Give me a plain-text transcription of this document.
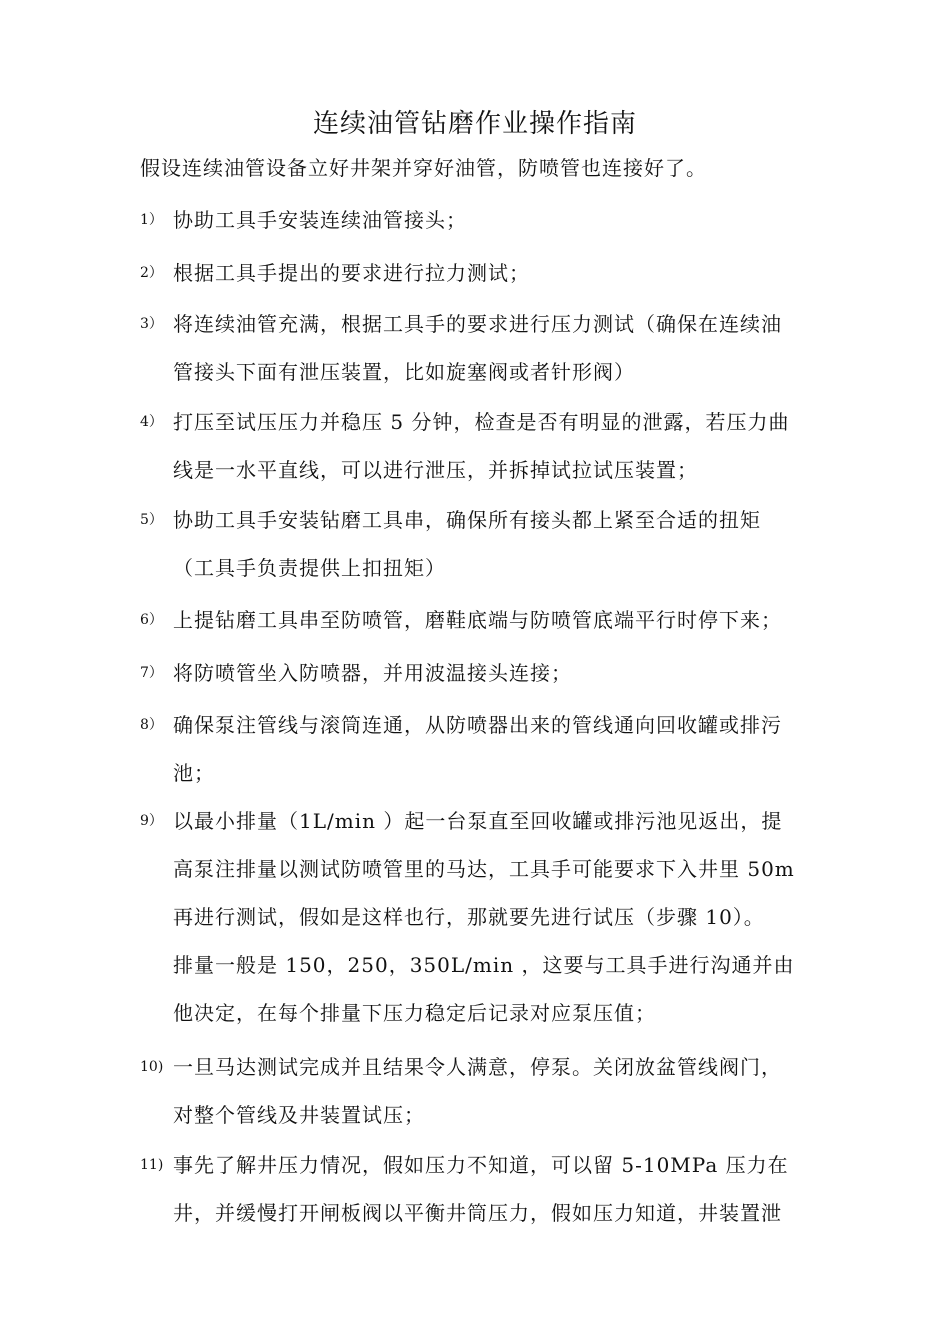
连续油管钻磨作业操作指南
假设连续油管设备立好井架并穿好油管，防喷管也连接好了。
1） 协助工具手安装连续油管接头；
2） 根据工具手提出的要求进行拉力测试；
3） 将连续油管充满，根据工具手的要求进行压力测试（确保在连续油
管接头下面有泄压装置，比如旋塞阀或者针形阀）
4） 打压至试压压力并稳压 5 分钟，检查是否有明显的泄露，若压力曲
线是一水平直线，可以进行泄压，并拆掉试拉试压装置；
5） 协助工具手安装钻磨工具串，确保所有接头都上紧至合适的扭矩
（工具手负责提供上扣扭矩）
6） 上提钻磨工具串至防喷管，磨鞋底端与防喷管底端平行时停下来；
7） 将防喷管坐入防喷器，并用波温接头连接；
8） 确保泵注管线与滚筒连通，从防喷器出来的管线通向回收罐或排污
池；
9） 以最小排量（1L/min ）起一台泵直至回收罐或排污池见返出，提
高泵注排量以测试防喷管里的马达，工具手可能要求下入井里 50m
再进行测试，假如是这样也行，那就要先进行试压（步骤 10）。
排量一般是 150，250，350L/min ，这要与工具手进行沟通并由
他决定，在每个排量下压力稳定后记录对应泵压值；
10) 一旦马达测试完成并且结果令人满意，停泵。关闭放盆管线阀门，
对整个管线及井装置试压；
11) 事先了解井压力情况，假如压力不知道，可以留 5-10MPa 压力在
井，并缓慢打开闸板阀以平衡井筒压力，假如压力知道，井装置泄
